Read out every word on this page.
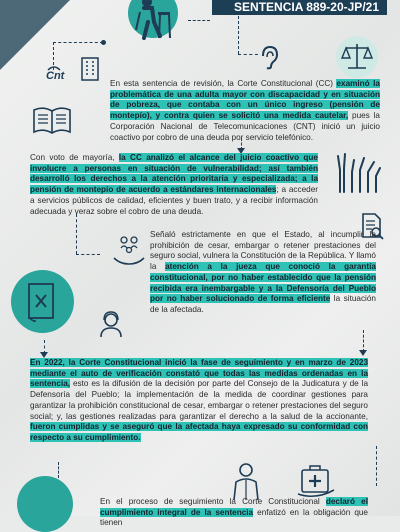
SENTENCIA 889-20-JP/21
Cnt

En esta sentencia de revisión, la Corte Constitucional (CC) examinó la problemática de una adulta mayor con discapacidad y en situación de pobreza, que contaba con un único ingreso (pensión de montepío), y contra quien se solicitó una medida cautelar, pues la Corporación Nacional de Telecomunicaciones (CNT) inició un juicio coactivo por cobro de una deuda por servicio telefónico.

Con voto de mayoría, la CC analizó el alcance del juicio coactivo que involucre a personas en situación de vulnerabilidad; así también desarrolló los derechos a la atención prioritaria y especializada; a la pensión de montepío de acuerdo a estándares internacionales; a acceder a servicios públicos de calidad, eficientes y buen trato, y a recibir información adecuada y veraz sobre el cobro de una deuda.

Señaló estrictamente en que el Estado, al incumplir la prohibición de cesar, embargar o retener prestaciones del seguro social, vulnera la Constitución de la República. Y llamó la atención a la jueza que conoció la garantía constitucional, por no haber establecido que la pensión recibida era inembargable y a la Defensoría del Pueblo por no haber solucionado de forma eficiente la situación de la afectada.

En 2022, la Corte Constitucional inició la fase de seguimiento y en marzo de 2023 mediante el auto de verificación constató que todas las medidas ordenadas en la sentencia, esto es la difusión de la decisión por parte del Consejo de la Judicatura y de la Defensoría del Pueblo; la implementación de la medida de coordinar gestiones para garantizar la prohibición constitucional de cesar, embargar o retener prestaciones del seguro social; y, las gestiones realizadas para garantizar el derecho a la salud de la accionante, fueron cumplidas y se aseguró que la afectada haya expresado su conformidad con respecto a su cumplimiento.

En el proceso de seguimiento la Corte Constitucional declaró el cumplimiento integral de la sentencia enfatizó en la obligación que tienen
